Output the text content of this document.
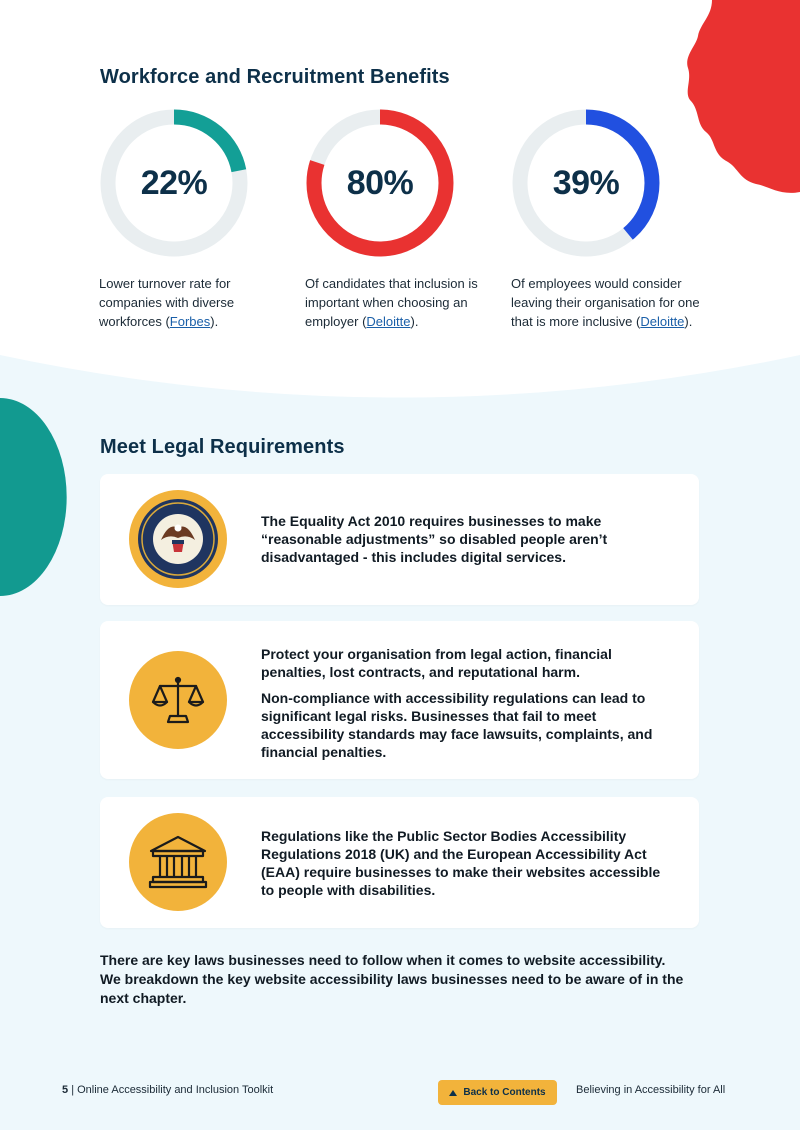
Workforce and Recruitment Benefits
22%

Lower turnover rate for companies with diverse workforces (Forbes).

80%

Of candidates that inclusion is important when choosing an employer (Deloitte).

39%

Of employees would consider leaving their organisation for one that is more inclusive (Deloitte).

Meet Legal Requirements

The Equality Act 2010 requires businesses to make “reasonable adjustments” so disabled people aren’t disadvantaged - this includes digital services.

Protect your organisation from legal action, financial penalties, lost contracts, and reputational harm.

Non-compliance with accessibility regulations can lead to significant legal risks. Businesses that fail to meet accessibility standards may face lawsuits, complaints, and financial penalties.

Regulations like the Public Sector Bodies Accessibility Regulations 2018 (UK) and the European Accessibility Act (EAA) require businesses to make their websites accessible to people with disabilities.

There are key laws businesses need to follow when it comes to website accessibility. We breakdown the key website accessibility laws businesses need to be aware of in the next chapter.

5 | Online Accessibility and Inclusion Toolkit	Back to Contents	Believing in Accessibility for All
